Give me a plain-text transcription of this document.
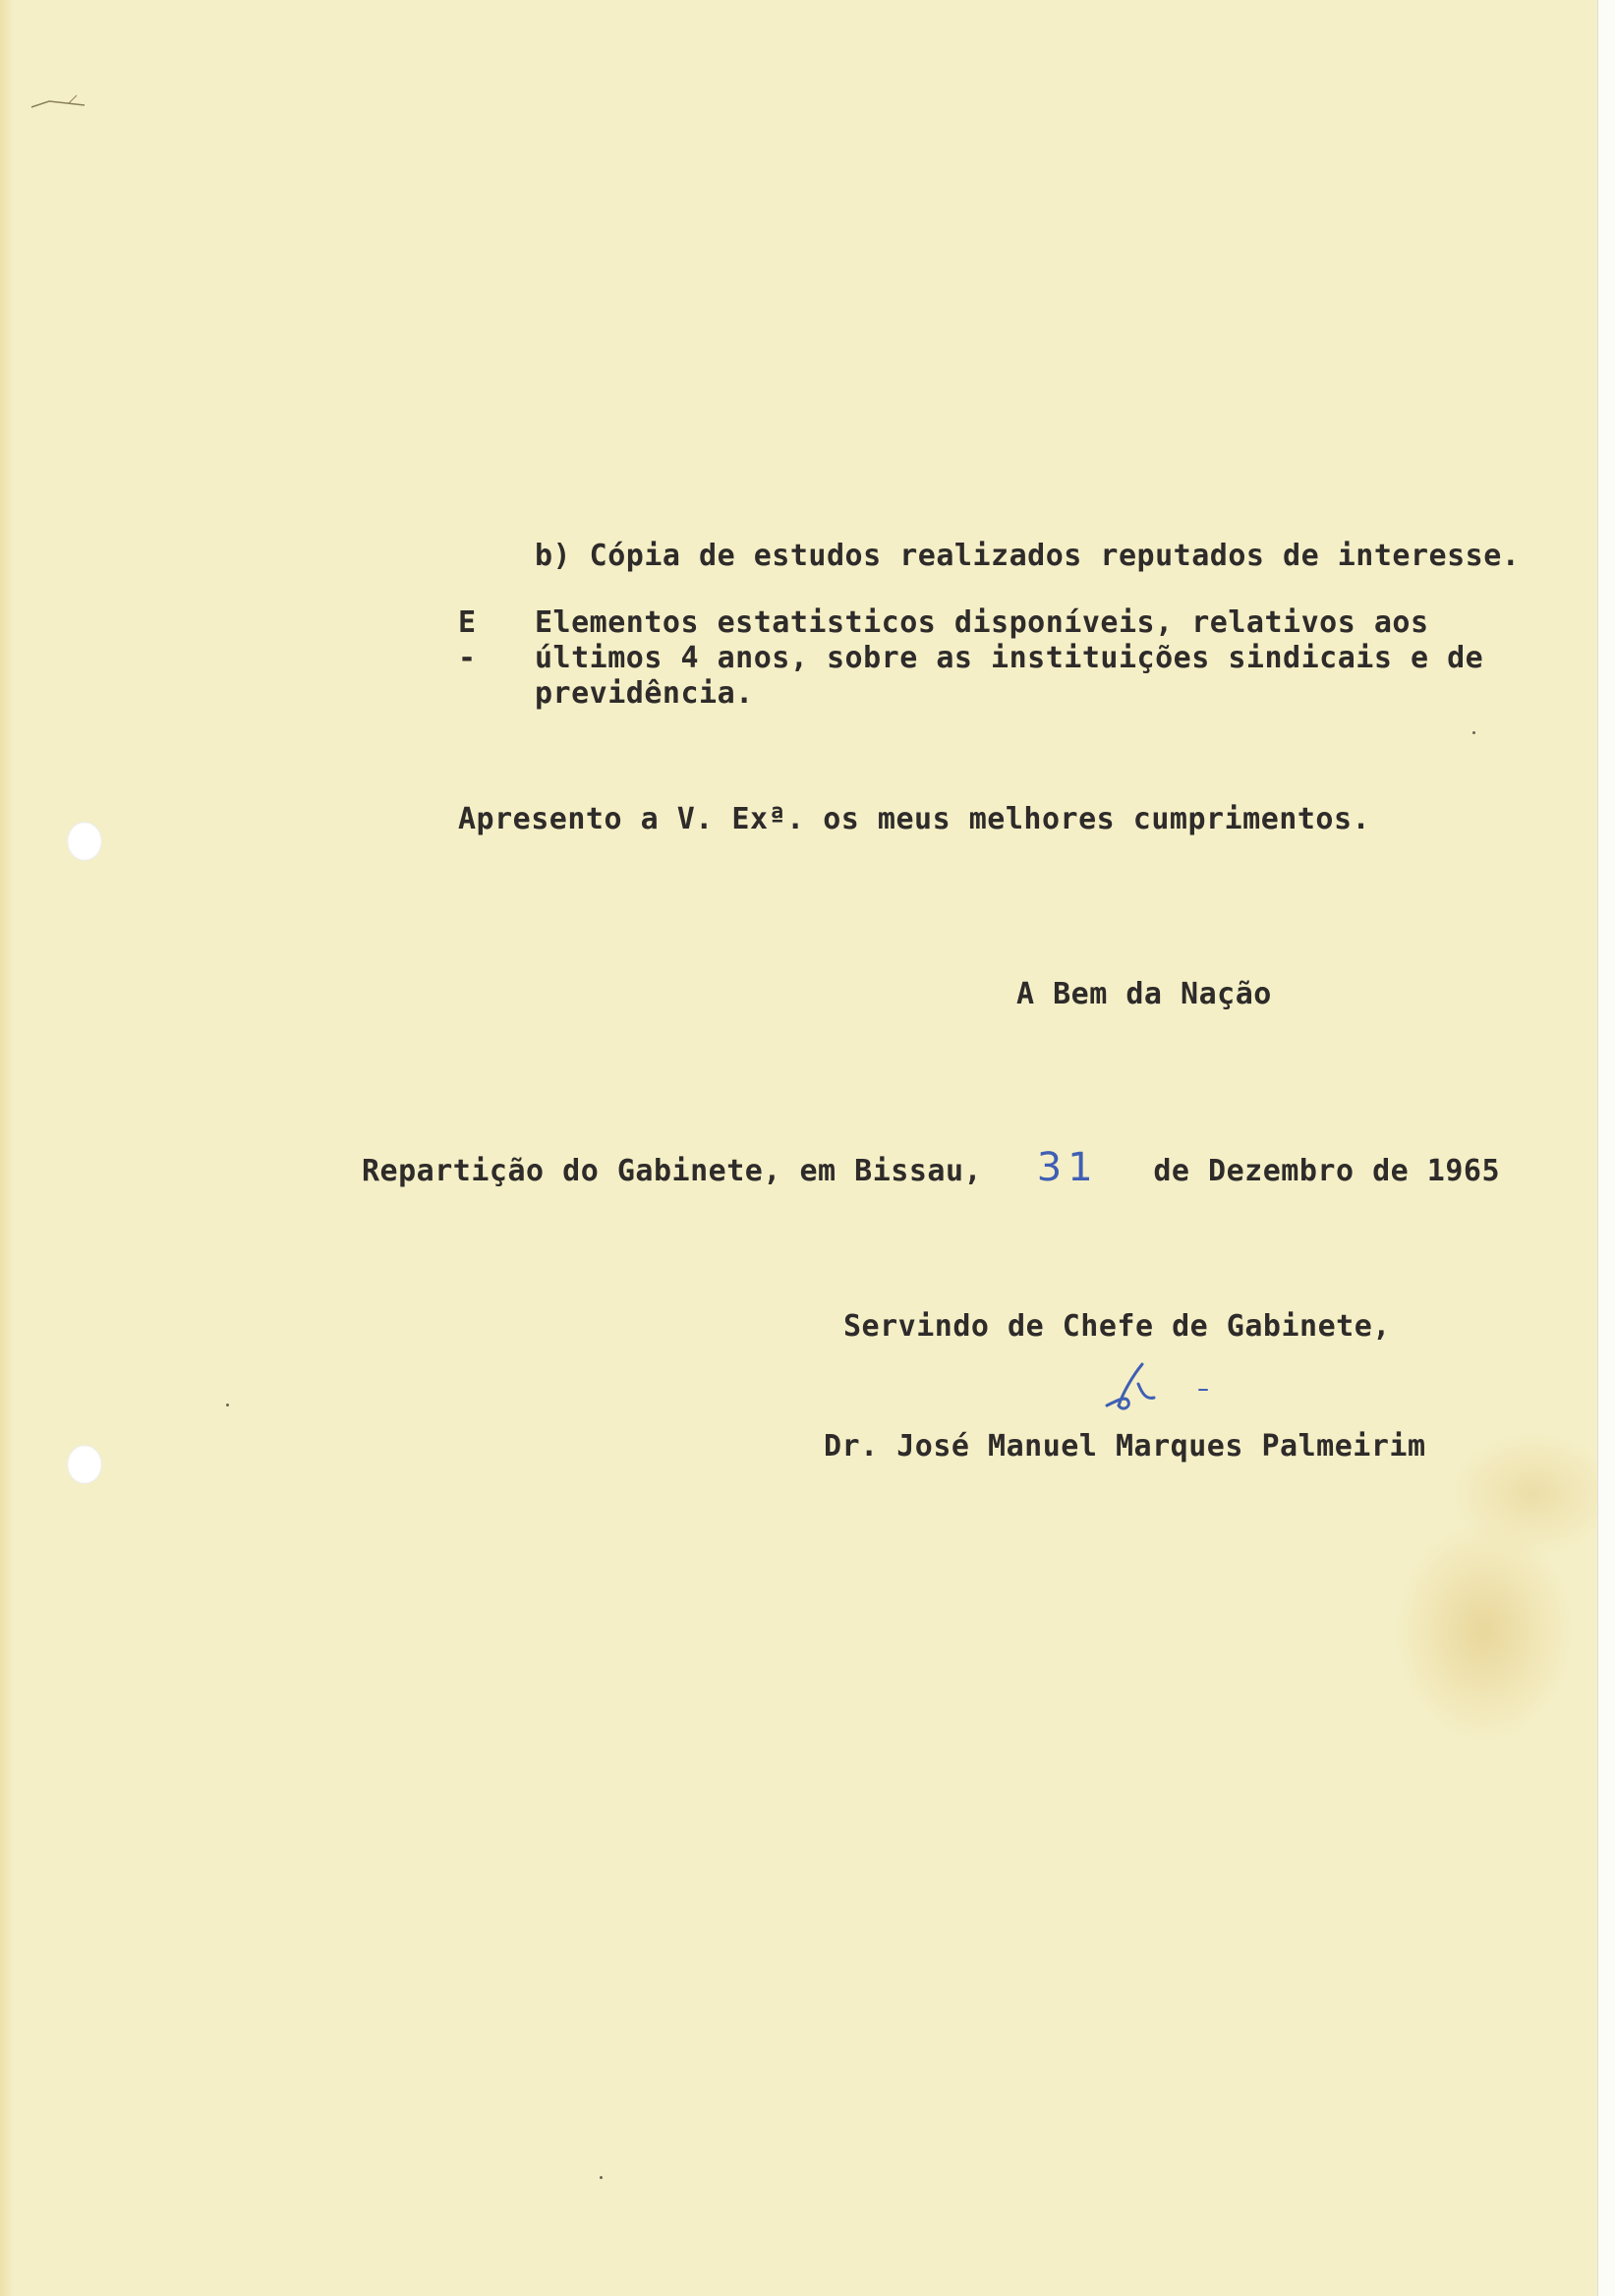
b) Cópia de estudos realizados reputados de interesse.
E -
Elementos estatisticos disponíveis, relativos aos últimos 4 anos, sobre as instituições sindicais e de previdência.
Apresento a V. Exª. os meus melhores cumprimentos.
A Bem da Nação
Repartição do Gabinete, em Bissau, 31 de Dezembro de 1965
Servindo de Chefe de Gabinete,
Dr. José Manuel Marques Palmeirim
